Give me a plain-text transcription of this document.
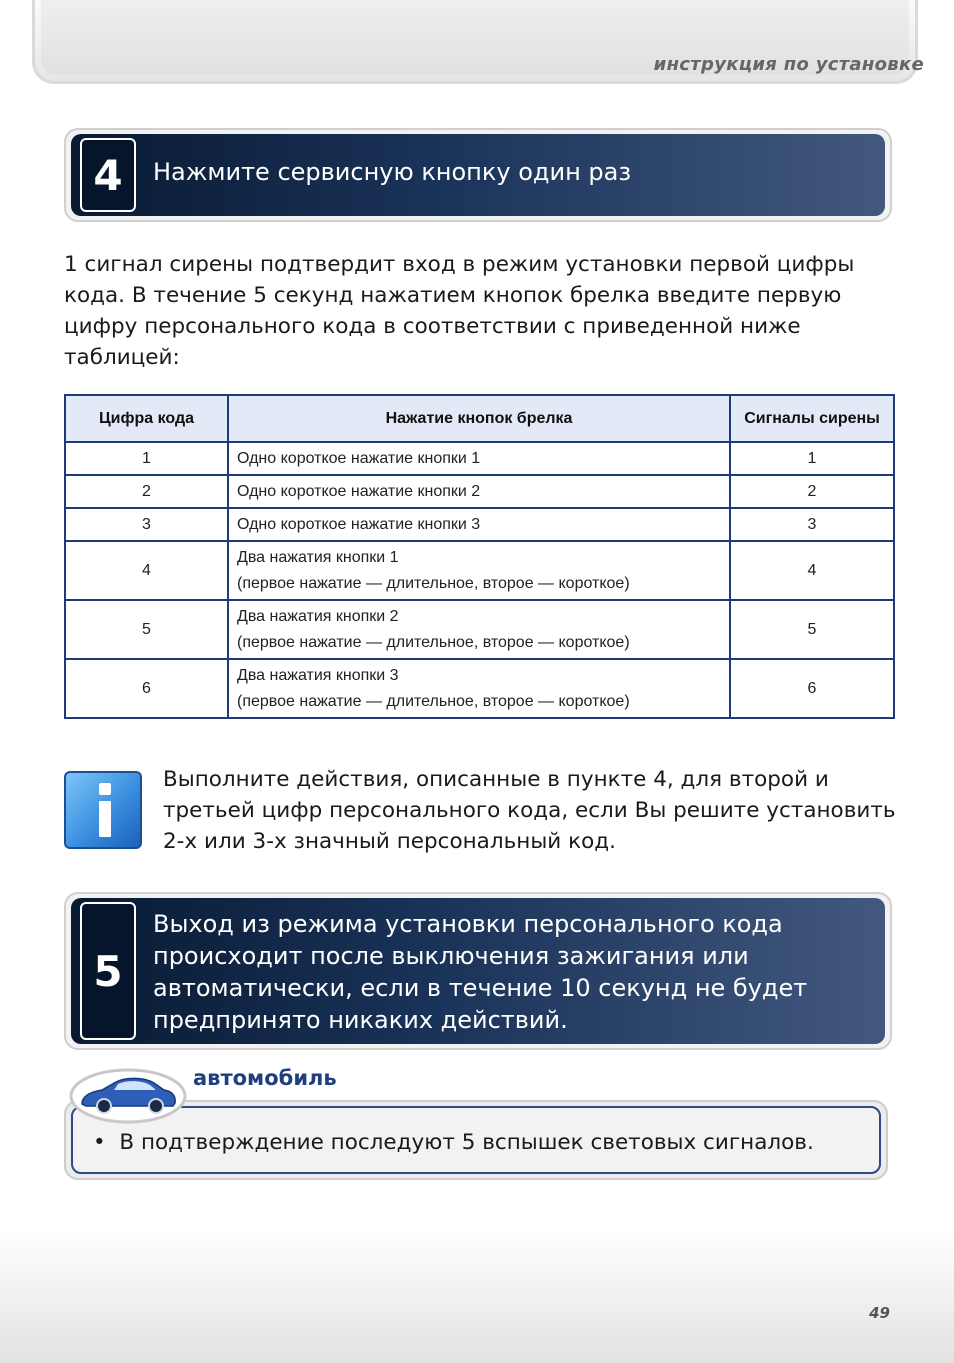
инструкция по установке
4	Нажмите сервисную кнопку один раз
1 сигнал сирены подтвердит вход в режим установки первой цифры
кода. В течение 5 секунд нажатием кнопок брелка введите первую
цифру персонального кода в соответствии с приведенной ниже
таблицей:
Цифра кода	Нажатие кнопок брелка	Сигналы сирены
1	Одно короткое нажатие кнопки 1	1
2	Одно короткое нажатие кнопки 2	2
3	Одно короткое нажатие кнопки 3	3
4	Два нажатия кнопки 1
(первое нажатие — длительное, второе — короткое)	4
5	Два нажатия кнопки 2
(первое нажатие — длительное, второе — короткое)	5
6	Два нажатия кнопки 3
(первое нажатие — длительное, второе — короткое)	6
Выполните действия, описанные в пункте 4, для второй и
третьей цифр персонального кода, если Вы решите установить
2-х или 3-х значный персональный код.
5
Выход из режима установки персонального кода
происходит после выключения зажигания или
автоматически, если в течение 10 секунд не будет
предпринято никаких действий.
• В подтверждение последуют 5 вспышек световых сигналов.
автомобиль
49
